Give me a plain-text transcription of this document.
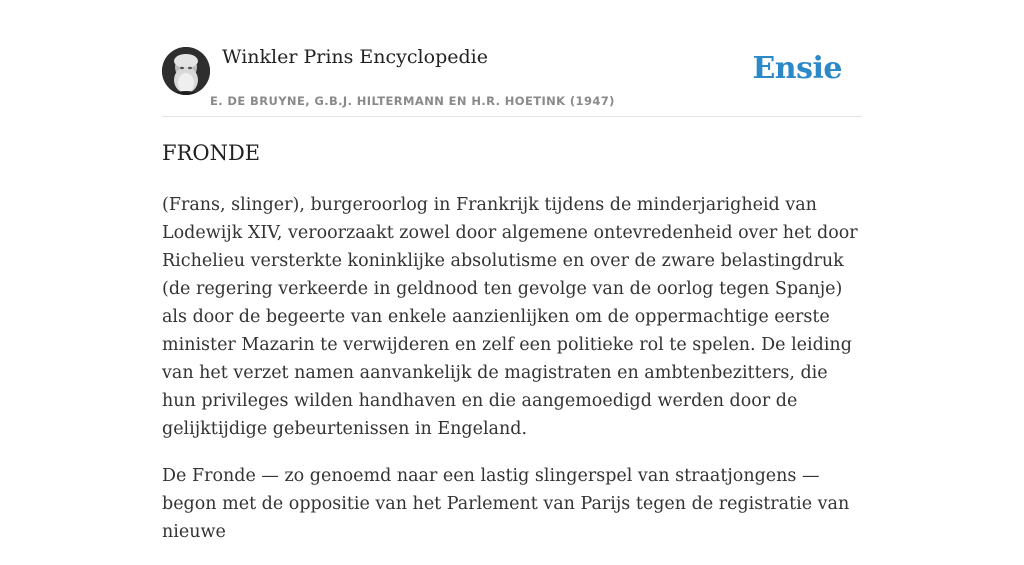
Winkler Prins Encyclopedie
E. DE BRUYNE, G.B.J. HILTERMANN EN H.R. HOETINK (1947)
Ensie
FRONDE

(Frans, slinger), burgeroorlog in Frankrijk tijdens de minderjarigheid van Lodewijk XIV, veroorzaakt zowel door algemene ontevredenheid over het door Richelieu versterkte koninklijke absolutisme en over de zware belastingdruk (de regering verkeerde in geldnood ten gevolge van de oorlog tegen Spanje) als door de begeerte van enkele aanzienlijken om de oppermachtige eerste minister Mazarin te verwijderen en zelf een politieke rol te spelen. De leiding van het verzet namen aanvankelijk de magistraten en ambtenbezitters, die hun privileges wilden handhaven en die aangemoedigd werden door de gelijktijdige gebeurtenissen in Engeland.

De Fronde — zo genoemd naar een lastig slingerspel van straatjongens — begon met de oppositie van het Parlement van Parijs tegen de registratie van nieuwe
